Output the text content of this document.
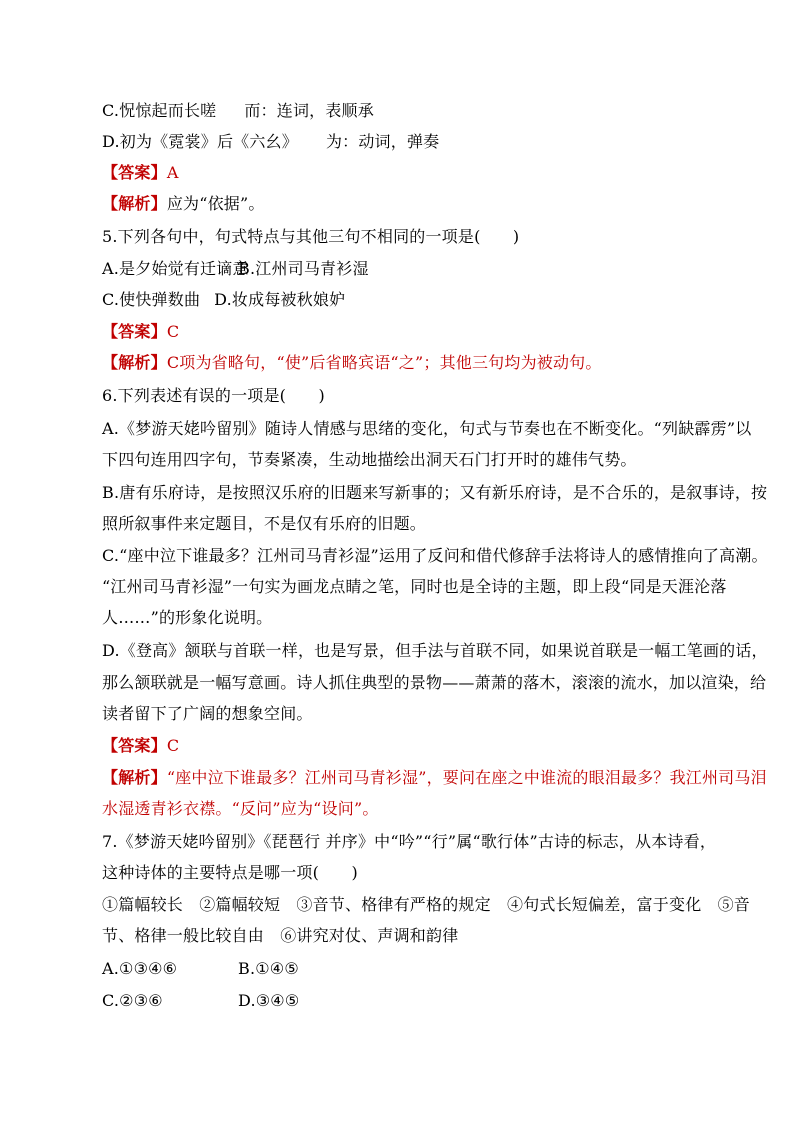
C.怳惊起而长嗟 而：连词，表顺承
D.初为《霓裳》后《六幺》 为：动词，弹奏
【答案】A
【解析】应为“依据”。
5.下列各句中，句式特点与其他三句不相同的一项是(　　)
A.是夕始觉有迁谪意B.江州司马青衫湿
C.使快弹数曲 D.妆成每被秋娘妒
【答案】C
【解析】C项为省略句，“使”后省略宾语“之”；其他三句均为被动句。
6.下列表述有误的一项是(　　)
A.《梦游天姥吟留别》随诗人情感与思绪的变化，句式与节奏也在不断变化。“列缺霹雳”以
下四句连用四字句，节奏紧凑，生动地描绘出洞天石门打开时的雄伟气势。
B.唐有乐府诗，是按照汉乐府的旧题来写新事的；又有新乐府诗，是不合乐的，是叙事诗，按
照所叙事件来定题目，不是仅有乐府的旧题。
C.“座中泣下谁最多？江州司马青衫湿”运用了反问和借代修辞手法将诗人的感情推向了高潮。
“江州司马青衫湿”一句实为画龙点睛之笔，同时也是全诗的主题，即上段“同是天涯沦落
人……”的形象化说明。
D.《登高》颔联与首联一样，也是写景，但手法与首联不同，如果说首联是一幅工笔画的话，
那么颔联就是一幅写意画。诗人抓住典型的景物——萧萧的落木，滚滚的流水，加以渲染，给
读者留下了广阔的想象空间。
【答案】C
【解析】“座中泣下谁最多？江州司马青衫湿”，要问在座之中谁流的眼泪最多？我江州司马泪
水湿透青衫衣襟。“反问”应为“设问”。
7.《梦游天姥吟留别》《琵琶行 并序》中“吟”“行”属“歌行体”古诗的标志，从本诗看，
这种诗体的主要特点是哪一项(　　)
①篇幅较长　②篇幅较短　③音节、格律有严格的规定　④句式长短偏差，富于变化　⑤音
节、格律一般比较自由　⑥讲究对仗、声调和韵律
A.①③④⑥	B.①④⑤
C.②③⑥	D.③④⑤
